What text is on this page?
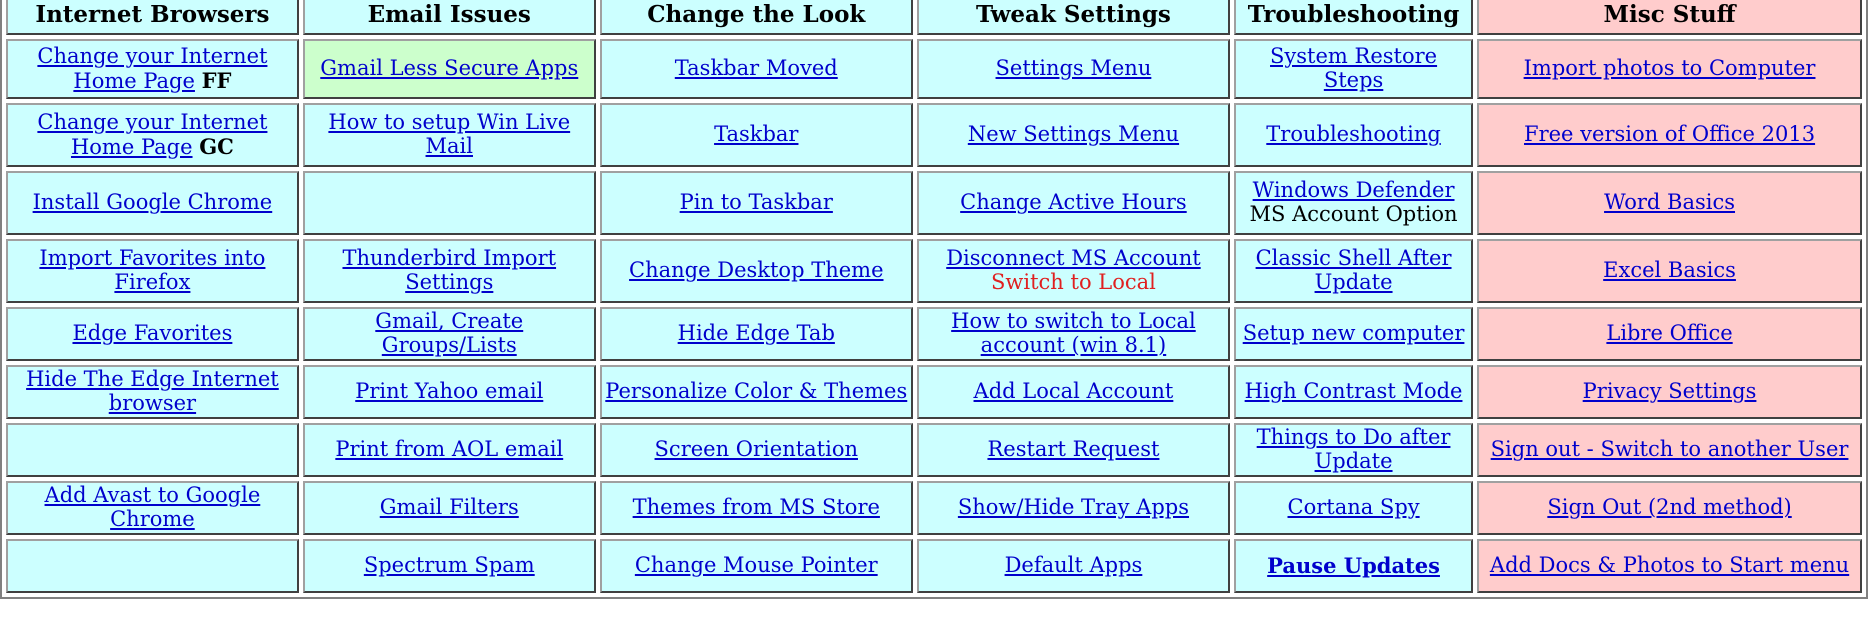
Internet Browsers	Email Issues	Change the Look	Tweak Settings	Troubleshooting	Misc Stuff
Change your Internet Home Page FF	Gmail Less Secure Apps	Taskbar Moved	Settings Menu	System Restore Steps	Import photos to Computer
Change your Internet Home Page GC	How to setup Win Live Mail	Taskbar	New Settings Menu	Troubleshooting	Free version of Office 2013
Install Google Chrome		Pin to Taskbar	Change Active Hours	Windows Defender MS Account Option	Word Basics
Import Favorites into Firefox	Thunderbird Import Settings	Change Desktop Theme	Disconnect MS Account Switch to Local	Classic Shell After Update	Excel Basics
Edge Favorites	Gmail, Create Groups/Lists	Hide Edge Tab	How to switch to Local account (win 8.1)	Setup new computer	Libre Office
Hide The Edge Internet browser	Print Yahoo email	Personalize Color & Themes	Add Local Account	High Contrast Mode	Privacy Settings
	Print from AOL email	Screen Orientation	Restart Request	Things to Do after Update	Sign out - Switch to another User
Add Avast to Google Chrome	Gmail Filters	Themes from MS Store	Show/Hide Tray Apps	Cortana Spy	Sign Out (2nd method)
	Spectrum Spam	Change Mouse Pointer	Default Apps	Pause Updates	Add Docs & Photos to Start menu
